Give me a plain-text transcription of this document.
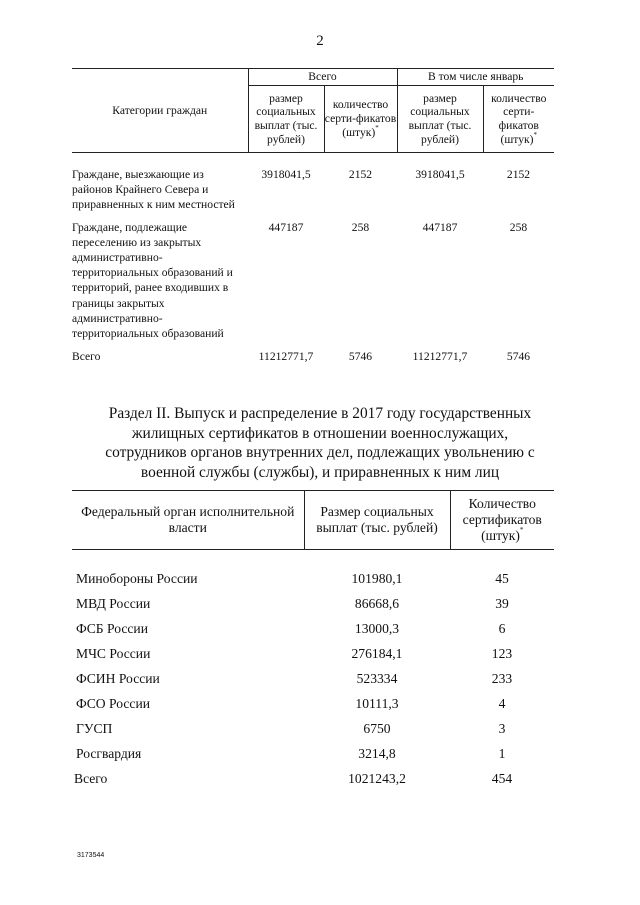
2
Категории граждан	Всего		В том числе январь	
	размер социальных выплат (тыс. рублей)	количество серти-фикатов (штук)*	размер социальных выплат (тыс. рублей)	количество серти-фикатов (штук)*

Граждане, выезжающие из районов Крайнего Севера и приравненных к ним местностей	3918041,5	2152	3918041,5	2152

Граждане, подлежащие переселению из закрытых административно-территориальных образований и территорий, ранее входивших в границы закрытых административно-территориальных образований	447187	258	447187	258
Всего	11212771,7	5746	11212771,7	5746
Раздел II. Выпуск и распределение в 2017 году государственных жилищных сертификатов в отношении военнослужащих, сотрудников органов внутренних дел, подлежащих увольнению с военной службы (службы), и приравненных к ним лиц
Федеральный орган исполнительной власти	Размер социальных выплат (тыс. рублей)	Количество сертификатов (штук)*

Минобороны России	101980,1	45
МВД России	86668,6	39
ФСБ России	13000,3	6
МЧС России	276184,1	123
ФСИН России	523334	233
ФСО России	10111,3	4
ГУСП	6750	3
Росгвардия	3214,8	1
Всего	1021243,2	454
3173544
